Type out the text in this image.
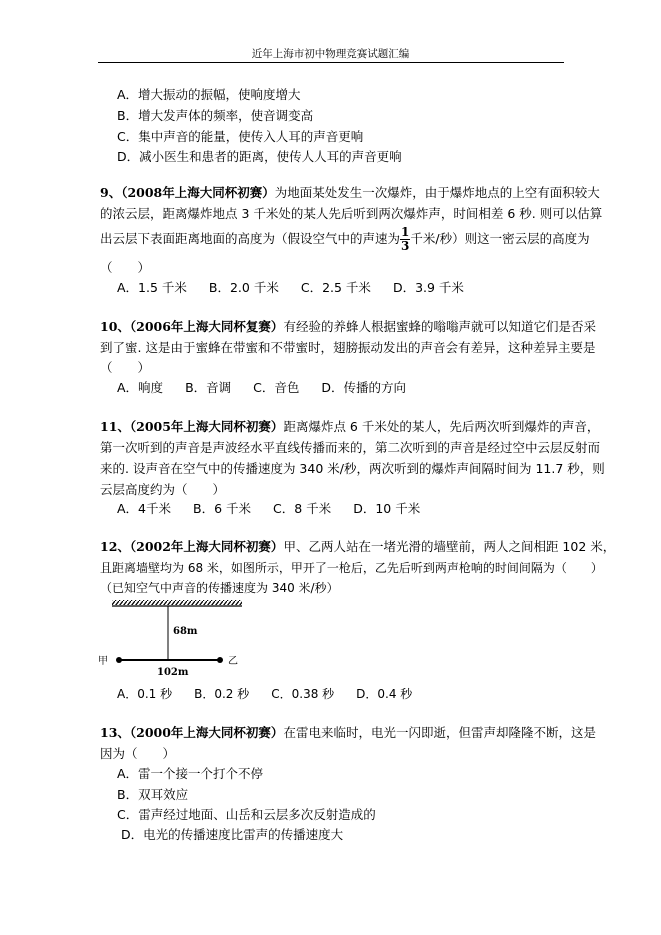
近年上海市初中物理竞赛试题汇编
A．增大振动的振幅，使响度增大
B．增大发声体的频率，使音调变高
C．集中声音的能量，使传入人耳的声音更响
D．减小医生和患者的距离，使传人人耳的声音更响
9、（2008年上海大同杯初赛）为地面某处发生一次爆炸，由于爆炸地点的上空有面积较大
的浓云层，距离爆炸地点 3 千米处的某人先后听到两次爆炸声，时间相差 6 秒. 则可以估算
出云层下表面距离地面的高度为（假设空气中的声速为 $\frac{1}{3}$ 千米/秒）则这一密云层的高度为
（　　）
A．1.5 千米 B．2.0 千米 C．2.5 千米 D．3.9 千米
10、（2006年上海大同杯复赛）有经验的养蜂人根据蜜蜂的嗡嗡声就可以知道它们是否采
到了蜜. 这是由于蜜蜂在带蜜和不带蜜时，翅膀振动发出的声音会有差异，这种差异主要是
（　　）
A．响度 B．音调 C．音色 D．传播的方向
11、（2005年上海大同杯初赛）距离爆炸点 6 千米处的某人，先后两次听到爆炸的声音，
第一次听到的声音是声波经水平直线传播而来的，第二次听到的声音是经过空中云层反射而
来的. 设声音在空气中的传播速度为 340 米/秒，两次听到的爆炸声间隔时间为 11.7 秒，则
云层高度约为（　　）
A．4千米 B．6 千米 C．8 千米 D．10 千米
12、（2002年上海大同杯初赛）甲、乙两人站在一堵光滑的墙壁前，两人之间相距 102 米，
且距离墙壁均为 68 米，如图所示，甲开了一枪后，乙先后听到两声枪响的时间间隔为（　　）
（已知空气中声音的传播速度为 340 米/秒）
68m
102m
甲	乙
A．0.1 秒 B．0.2 秒 C．0.38 秒 D．0.4 秒
13、（2000年上海大同杯初赛）在雷电来临时，电光一闪即逝，但雷声却隆隆不断，这是
因为（　　）
A．雷一个接一个打个不停
B．双耳效应
C．雷声经过地面、山岳和云层多次反射造成的
D．电光的传播速度比雷声的传播速度大
